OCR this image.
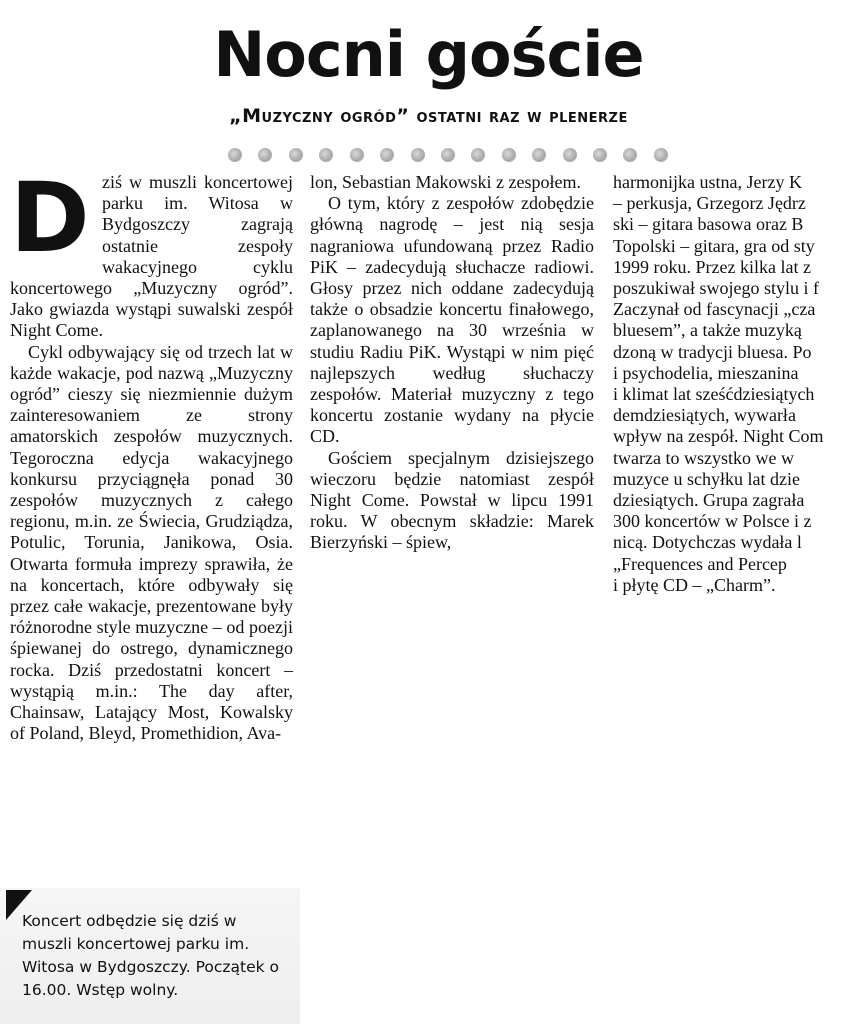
Nocni goście
„Muzyczny ogród” ostatni raz w plenerze
D ziś w muszli koncertowej parku im. Witosa w Bydgoszczy zagrają ostatnie zespoły wakacyjnego cyklu koncertowego „Muzyczny ogród”. Jako gwiazda wystąpi suwalski zespół Night Come.

Cykl odbywający się od trzech lat w każde wakacje, pod nazwą „Muzyczny ogród” cieszy się niezmiennie dużym zainteresowaniem ze strony amatorskich zespołów muzycznych. Tegoroczna edycja wakacyjnego konkursu przyciągnęła ponad 30 zespołów muzycznych z całego regionu, m.in. ze Świecia, Grudziądza, Potulic, Torunia, Janikowa, Osia. Otwarta formuła imprezy sprawiła, że na koncertach, które odbywały się przez całe wakacje, prezentowane były różnorodne style muzyczne – od poezji śpiewanej do ostrego, dynamicznego rocka. Dziś przedostatni koncert – wystąpią m.in.: The day after, Chainsaw, Latający Most, Kowalsky of Poland, Bleyd, Promethidion, Ava-

lon, Sebastian Makowski z zespołem.

O tym, który z zespołów zdobędzie główną nagrodę – jest nią sesja nagraniowa ufundowaną przez Radio PiK – zadecydują słuchacze radiowi. Głosy przez nich oddane zadecydują także o obsadzie koncertu finałowego, zaplanowanego na 30 września w studiu Radiu PiK. Wystąpi w nim pięć najlepszych według słuchaczy zespołów. Materiał muzyczny z tego koncertu zostanie wydany na płycie CD.

Gościem specjalnym dzisiejszego wieczoru będzie natomiast zespół Night Come. Powstał w lipcu 1991 roku. W obecnym składzie: Marek Bierzyński – śpiew,

harmonijka ustna, Jerzy K

– perkusja, Grzegorz Jędrz

ski – gitara basowa oraz B

Topolski – gitara, gra od sty

1999 roku. Przez kilka lat z

poszukiwał swojego stylu i f

Zaczynał od fascynacji „cza

bluesem”, a także muzyką

dzoną w tradycji bluesa. Po

i psychodelia, mieszanina

i klimat lat sześćdziesiątych

demdziesiątych, wywarła

wpływ na zespół. Night Com

twarza to wszystko we w

muzyce u schyłku lat dzie

dziesiątych. Grupa zagrała

300 koncertów w Polsce i z

nicą. Dotychczas wydała l

„Frequences and Percep

i płytę CD – „Charm”.

Koncert odbędzie się dziś w muszli koncertowej parku im. Witosa w Bydgoszczy. Początek o 16.00. Wstęp wolny.
